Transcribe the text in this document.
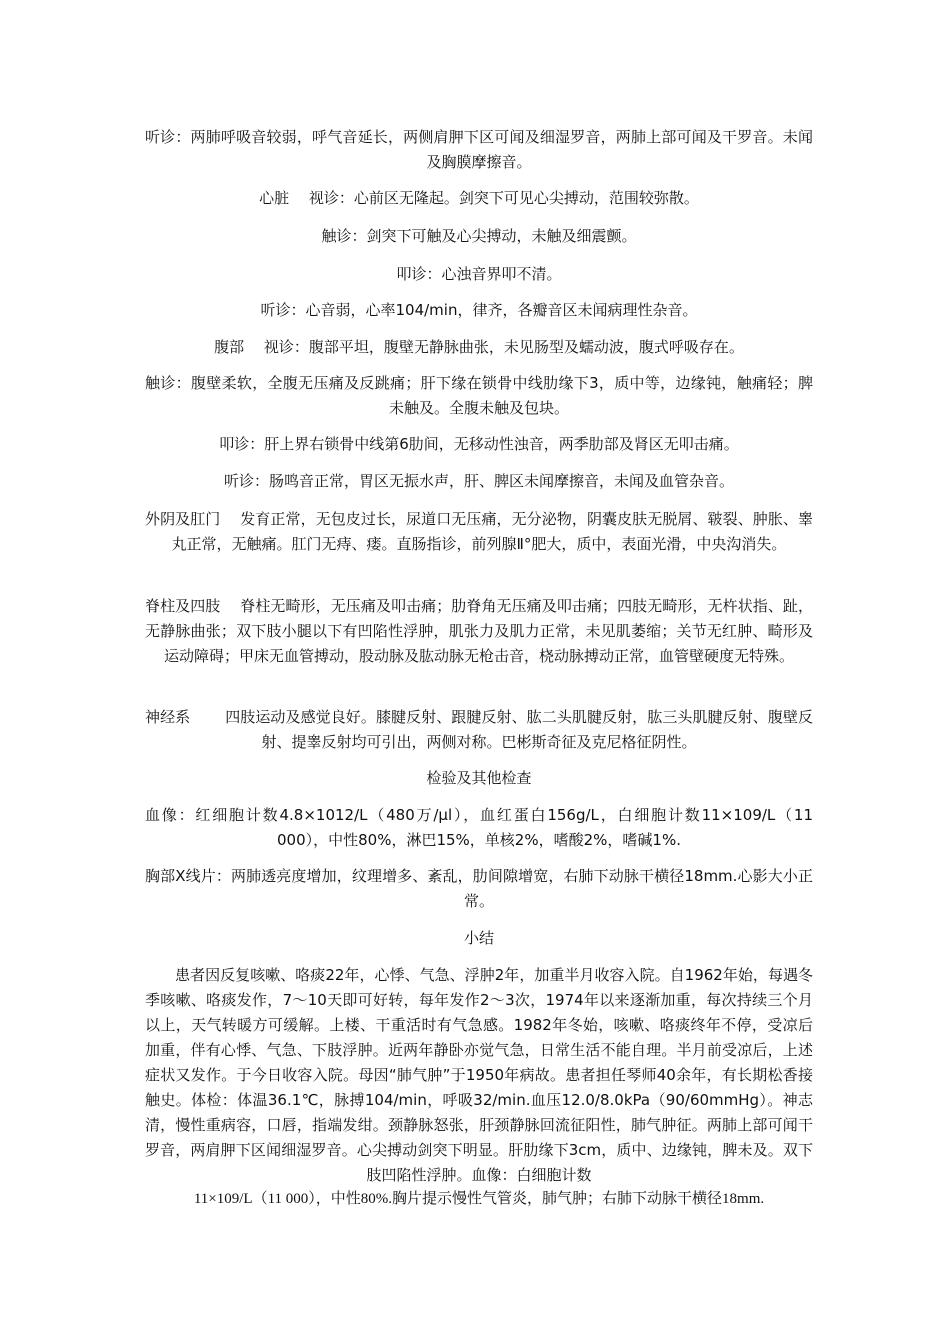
听诊：两肺呼吸音较弱，呼气音延长，两侧肩胛下区可闻及细湿罗音，两肺上部可闻及干罗音。未闻及胸膜摩擦音。
心脏　 视诊：心前区无隆起。剑突下可见心尖搏动，范围较弥散。
触诊：剑突下可触及心尖搏动，未触及细震颤。
叩诊：心浊音界叩不清。
听诊：心音弱，心率104/min，律齐，各瓣音区未闻病理性杂音。
腹部　 视诊：腹部平坦，腹壁无静脉曲张，未见肠型及蠕动波，腹式呼吸存在。
触诊：腹壁柔软，全腹无压痛及反跳痛；肝下缘在锁骨中线肋缘下3，质中等，边缘钝，触痛轻；脾未触及。全腹未触及包块。
叩诊：肝上界右锁骨中线第6肋间，无移动性浊音，两季肋部及肾区无叩击痛。
听诊：肠鸣音正常，胃区无振水声，肝、脾区未闻摩擦音，未闻及血管杂音。
外阴及肛门　 发育正常，无包皮过长，尿道口无压痛，无分泌物，阴囊皮肤无脱屑、皲裂、肿胀、睾丸正常，无触痛。肛门无痔、瘘。直肠指诊，前列腺Ⅱ°肥大，质中，表面光滑，中央沟消失。
脊柱及四肢　 脊柱无畸形，无压痛及叩击痛；肋脊角无压痛及叩击痛；四肢无畸形，无杵状指、趾，无静脉曲张；双下肢小腿以下有凹陷性浮肿，肌张力及肌力正常，未见肌萎缩；关节无红肿、畸形及运动障碍；甲床无血管搏动，股动脉及肱动脉无枪击音，桡动脉搏动正常，血管壁硬度无特殊。
神经系　　 四肢运动及感觉良好。膝腱反射、跟腱反射、肱二头肌腱反射，肱三头肌腱反射、腹壁反射、提睾反射均可引出，两侧对称。巴彬斯奇征及克尼格征阴性。
检验及其他检查
血像：红细胞计数4.8×1012/L（480万/μl），血红蛋白156g/L，白细胞计数11×109/L（11 000），中性80%，淋巴15%，单核2%，嗜酸2%，嗜碱1%.
胸部X线片：两肺透亮度增加，纹理增多、紊乱，肋间隙增宽，右肺下动脉干横径18mm.心影大小正常。
小结
　　患者因反复咳嗽、咯痰22年，心悸、气急、浮肿2年，加重半月收容入院。自1962年始，每遇冬季咳嗽、咯痰发作，7～10天即可好转，每年发作2～3次，1974年以来逐渐加重，每次持续三个月以上，天气转暖方可缓解。上楼、干重活时有气急感。1982年冬始，咳嗽、咯痰终年不停，受凉后加重，伴有心悸、气急、下肢浮肿。近两年静卧亦觉气急，日常生活不能自理。半月前受凉后，上述症状又发作。于今日收容入院。母因“肺气肿”于1950年病故。患者担任琴师40余年，有长期松香接触史。体检：体温36.1℃，脉搏104/min，呼吸32/min.血压12.0/8.0kPa（90/60mmHg）。神志清，慢性重病容，口唇，指端发绀。颈静脉怒张，肝颈静脉回流征阳性，肺气肿征。两肺上部可闻干罗音，两肩胛下区闻细湿罗音。心尖搏动剑突下明显。肝肋缘下3cm，质中、边缘钝，脾未及。双下肢凹陷性浮肿。血像：白细胞计数
11×109/L（11 000），中性80%.胸片提示慢性气管炎，肺气肿；右肺下动脉干横径18mm.
